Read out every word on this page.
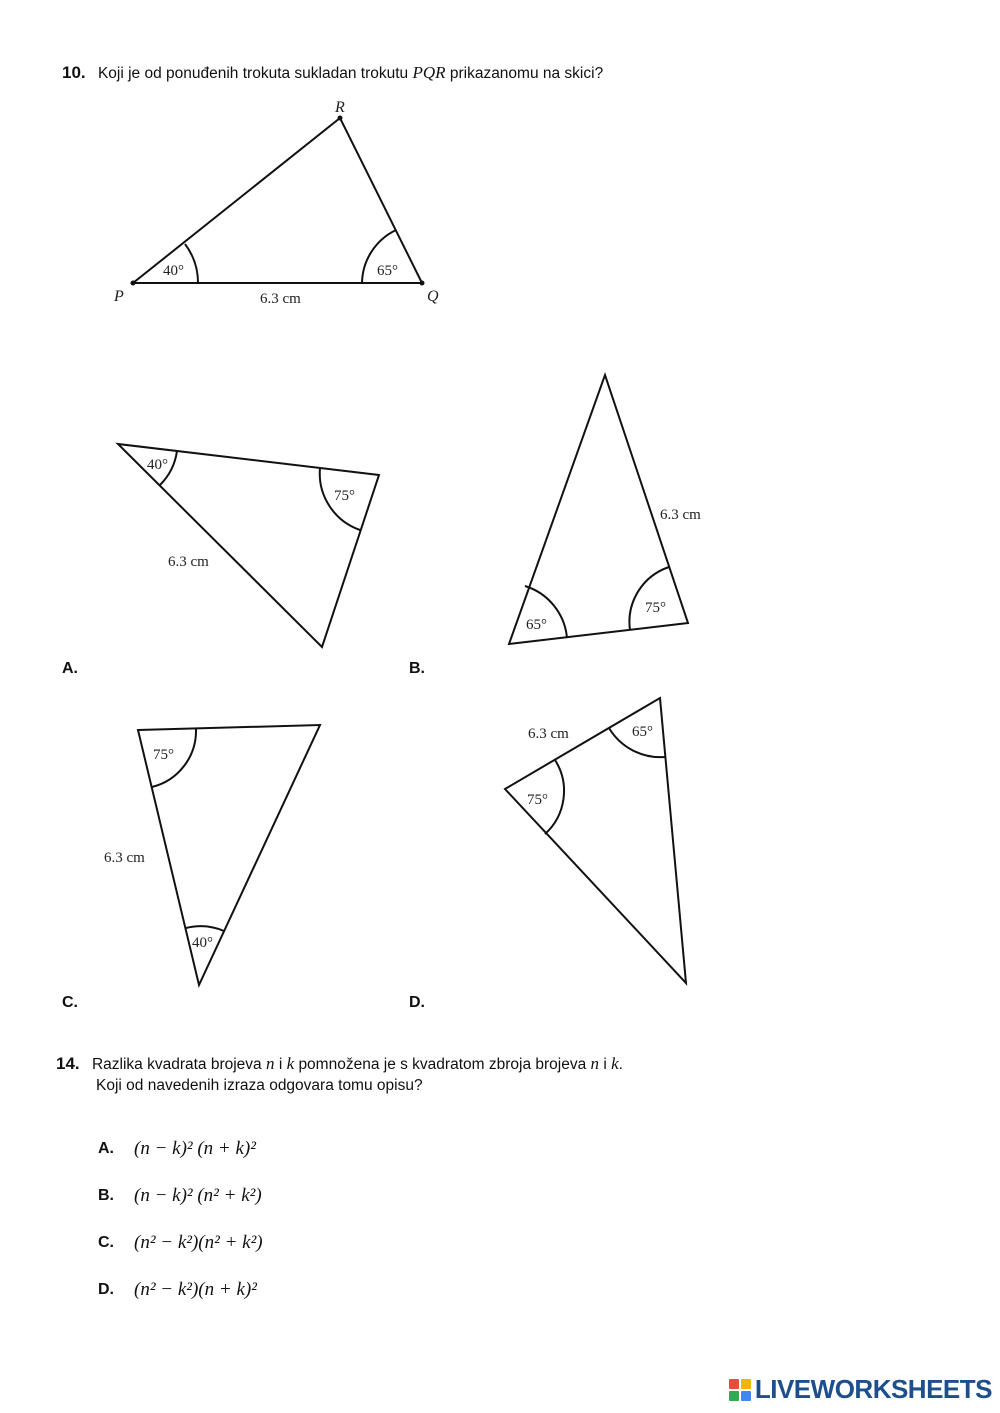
10. Koji je od ponuđenih trokuta sukladan trokutu PQR prikazanomu na skici?
P	Q
R
40°	65°
6.3 cm
40°
75°
6.3 cm
65°
75°
6.3 cm
75°
40°
6.3 cm
65°
75°
6.3 cm
A.	B.
C.	D.
14. Razlika kvadrata brojeva n i k pomnožena je s kvadratom zbroja brojeva n i k.
Koji od navedenih izraza odgovara tomu opisu?
A.	(n − k)² (n + k)²
B.	(n − k)² (n² + k²)
C.	(n² − k²)(n² + k²)
D.	(n² − k²)(n + k)²
LIVEWORKSHEETS
